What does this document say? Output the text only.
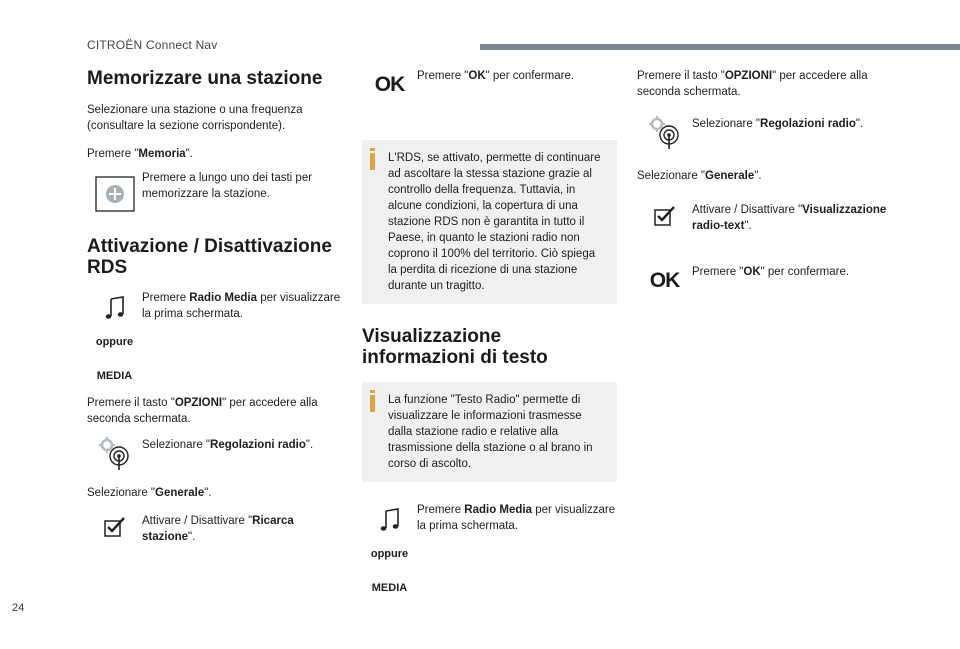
CITROËN Connect Nav
Memorizzare una stazione

Selezionare una stazione o una frequenza (consultare la sezione corrispondente).

Premere "Memoria".

Premere a lungo uno dei tasti per memorizzare la stazione.
Attivazione / Disattivazione RDS
Premere Radio Media per visualizzare la prima schermata.
oppure
MEDIA

Premere il tasto "OPZIONI" per accedere alla seconda schermata.

Selezionare "Regolazioni radio".

Selezionare "Generale".

Attivare / Disattivare "Ricarca stazione".
OK Premere "OK" per confermare.

L'RDS, se attivato, permette di continuare ad ascoltare la stessa stazione grazie al controllo della frequenza. Tuttavia, in alcune condizioni, la copertura di una stazione RDS non è garantita in tutto il Paese, in quanto le stazioni radio non coprono il 100% del territorio. Ciò spiega la perdita di ricezione di una stazione durante un tragitto.

Visualizzazione informazioni di testo

La funzione "Testo Radio" permette di visualizzare le informazioni trasmesse dalla stazione radio e relative alla trasmissione della stazione o al brano in corso di ascolto.

Premere Radio Media per visualizzare la prima schermata.
oppure
MEDIA

Premere il tasto "OPZIONI" per accedere alla seconda schermata.

Selezionare "Regolazioni radio".

Selezionare "Generale".

Attivare / Disattivare "Visualizzazione radio-text".
OK Premere "OK" per confermare.
24
